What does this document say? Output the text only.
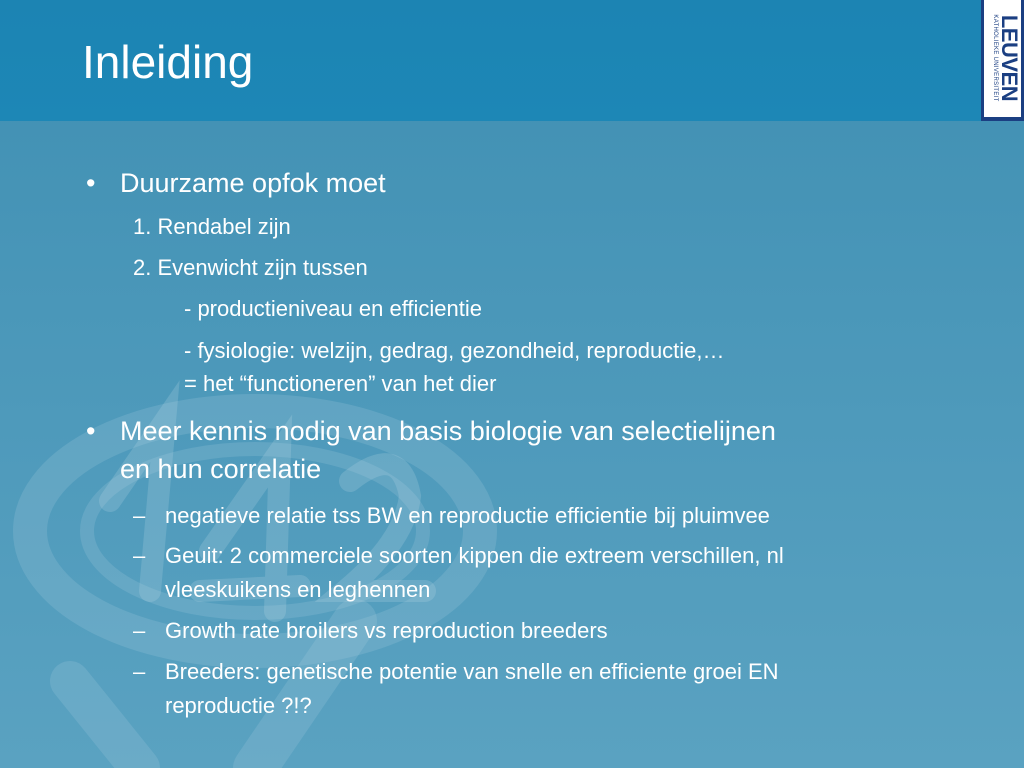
Inleiding	LEUVEN
KATHOLIEKE UNIVERSITEIT
• Duurzame opfok moet

1. Rendabel zijn

2. Evenwicht zijn tussen

- productieniveau en efficientie

- fysiologie: welzijn, gedrag, gezondheid, reproductie,…

= het “functioneren” van het dier

• Meer kennis nodig van basis biologie van selectielijnen

en hun correlatie

– negatieve relatie tss BW en reproductie efficientie bij pluimvee

– Geuit: 2 commerciele soorten kippen die extreem verschillen, nl

vleeskuikens en leghennen

– Growth rate broilers vs reproduction breeders

– Breeders: genetische potentie van snelle en efficiente groei EN

reproductie ?!?
